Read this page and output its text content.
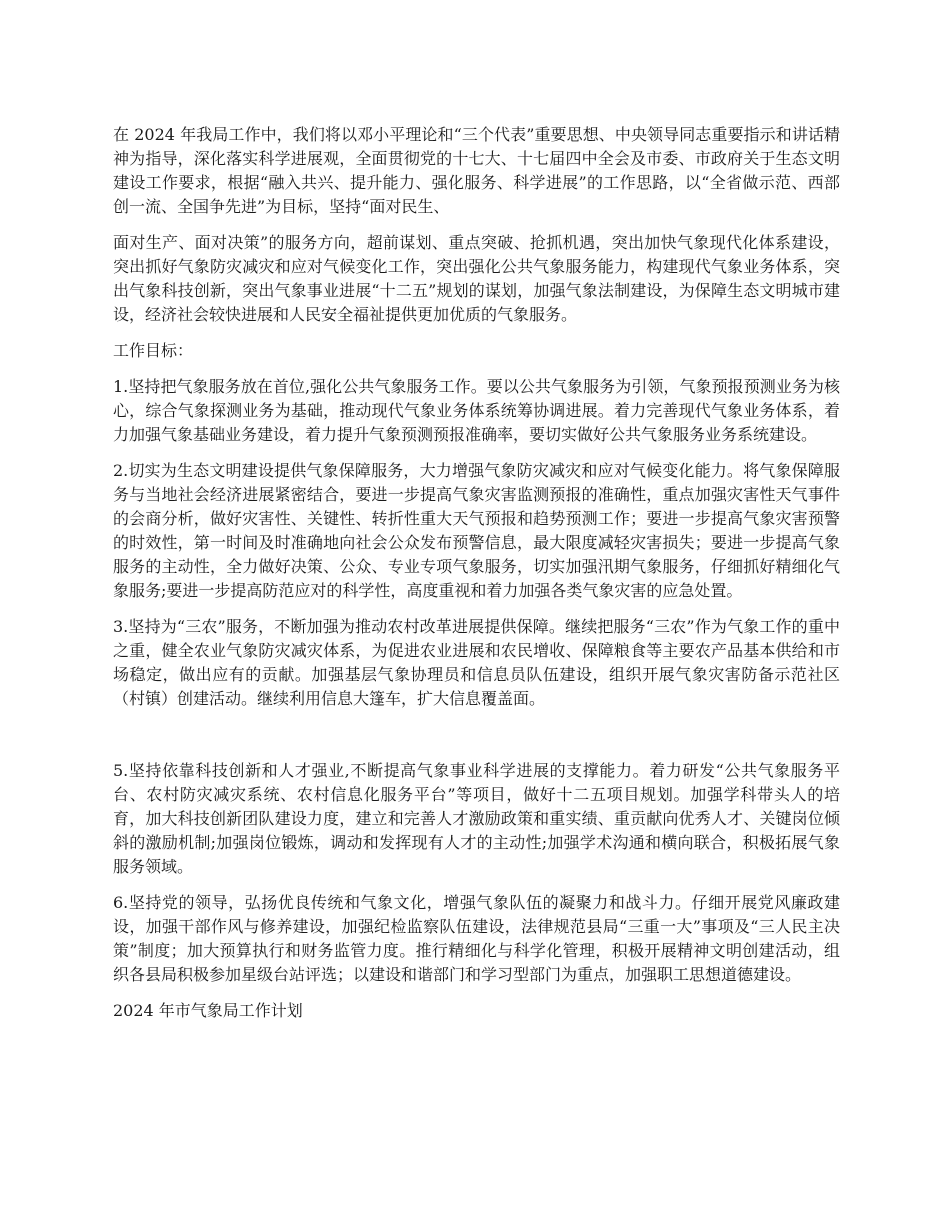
在 2024 年我局工作中，我们将以邓小平理论和“三个代表”重要思想、中央领导同志重要指示和讲话精神为指导，深化落实科学进展观，全面贯彻党的十七大、十七届四中全会及市委、市政府关于生态文明建设工作要求，根据“融入共兴、提升能力、强化服务、科学进展”的工作思路，以“全省做示范、西部创一流、全国争先进”为目标，坚持“面对民生、

面对生产、面对决策”的服务方向，超前谋划、重点突破、抢抓机遇，突出加快气象现代化体系建设，突出抓好气象防灾减灾和应对气候变化工作，突出强化公共气象服务能力，构建现代气象业务体系，突出气象科技创新，突出气象事业进展“十二五”规划的谋划，加强气象法制建设，为保障生态文明城市建设，经济社会较快进展和人民安全福祉提供更加优质的气象服务。

工作目标：

1.坚持把气象服务放在首位,强化公共气象服务工作。要以公共气象服务为引领，气象预报预测业务为核心，综合气象探测业务为基础，推动现代气象业务体系统筹协调进展。着力完善现代气象业务体系，着力加强气象基础业务建设，着力提升气象预测预报准确率，要切实做好公共气象服务业务系统建设。

2.切实为生态文明建设提供气象保障服务，大力增强气象防灾减灾和应对气候变化能力。将气象保障服务与当地社会经济进展紧密结合，要进一步提高气象灾害监测预报的准确性，重点加强灾害性天气事件的会商分析，做好灾害性、关键性、转折性重大天气预报和趋势预测工作；要进一步提高气象灾害预警的时效性，第一时间及时准确地向社会公众发布预警信息，最大限度减轻灾害损失；要进一步提高气象服务的主动性，全力做好决策、公众、专业专项气象服务，切实加强汛期气象服务，仔细抓好精细化气象服务;要进一步提高防范应对的科学性，高度重视和着力加强各类气象灾害的应急处置。

3.坚持为“三农”服务，不断加强为推动农村改革进展提供保障。继续把服务“三农”作为气象工作的重中之重，健全农业气象防灾减灾体系，为促进农业进展和农民增收、保障粮食等主要农产品基本供给和市场稳定，做出应有的贡献。加强基层气象协理员和信息员队伍建设，组织开展气象灾害防备示范社区（村镇）创建活动。继续利用信息大篷车，扩大信息覆盖面。

5.坚持依靠科技创新和人才强业,不断提高气象事业科学进展的支撑能力。着力研发“公共气象服务平台、农村防灾减灾系统、农村信息化服务平台”等项目，做好十二五项目规划。加强学科带头人的培育，加大科技创新团队建设力度，建立和完善人才激励政策和重实绩、重贡献向优秀人才、关键岗位倾斜的激励机制;加强岗位锻炼，调动和发挥现有人才的主动性;加强学术沟通和横向联合，积极拓展气象服务领域。

6.坚持党的领导，弘扬优良传统和气象文化，增强气象队伍的凝聚力和战斗力。仔细开展党风廉政建设，加强干部作风与修养建设，加强纪检监察队伍建设，法律规范县局“三重一大”事项及“三人民主决策”制度；加大预算执行和财务监管力度。推行精细化与科学化管理，积极开展精神文明创建活动，组织各县局积极参加星级台站评选；以建设和谐部门和学习型部门为重点，加强职工思想道德建设。

2024 年市气象局工作计划
